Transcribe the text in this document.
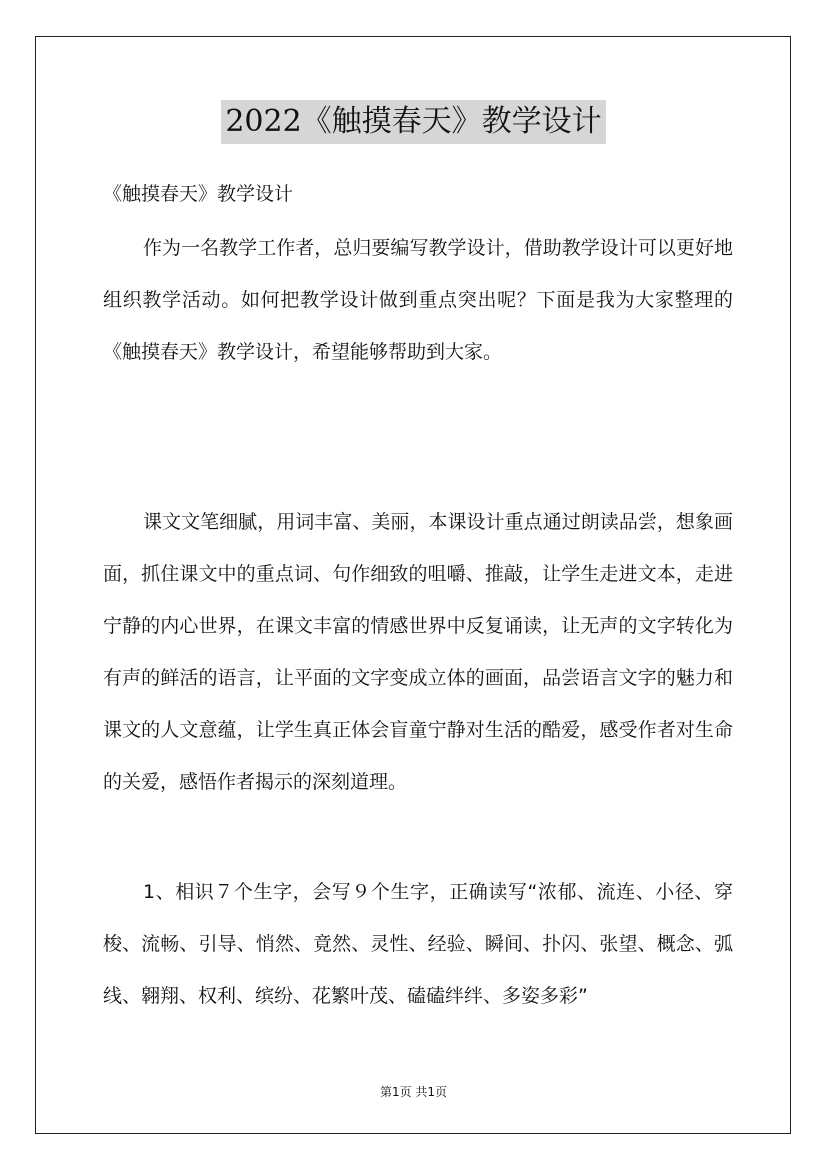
2022《触摸春天》教学设计

《触摸春天》教学设计

作为一名教学工作者，总归要编写教学设计，借助教学设计可以更好地组织教学活动。如何把教学设计做到重点突出呢？下面是我为大家整理的《触摸春天》教学设计，希望能够帮助到大家。

课文文笔细腻，用词丰富、美丽，本课设计重点通过朗读品尝，想象画面，抓住课文中的重点词、句作细致的咀嚼、推敲，让学生走进文本，走进宁静的内心世界，在课文丰富的情感世界中反复诵读，让无声的文字转化为有声的鲜活的语言，让平面的文字变成立体的画面，品尝语言文字的魅力和课文的人文意蕴，让学生真正体会盲童宁静对生活的酷爱，感受作者对生命的关爱，感悟作者揭示的深刻道理。

1、相识７个生字，会写９个生字，正确读写“浓郁、流连、小径、穿梭、流畅、引导、悄然、竟然、灵性、经验、瞬间、扑闪、张望、概念、弧线、翱翔、权利、缤纷、花繁叶茂、磕磕绊绊、多姿多彩”

第1页 共1页
